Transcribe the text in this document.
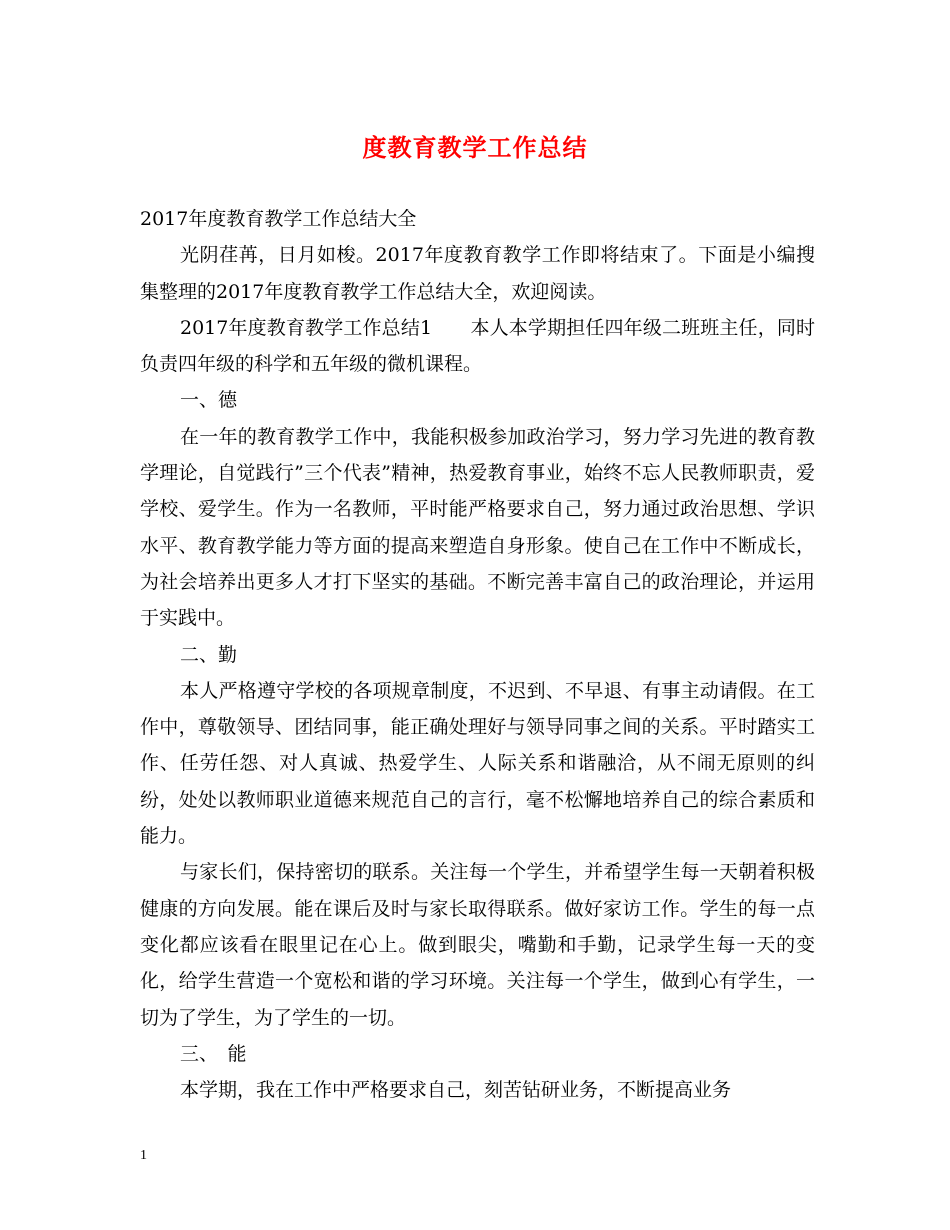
度教育教学工作总结

2017年度教育教学工作总结大全

光阴荏苒，日月如梭。2017年度教育教学工作即将结束了。下面是小编搜集整理的2017年度教育教学工作总结大全，欢迎阅读。

2017年度教育教学工作总结1　　本人本学期担任四年级二班班主任，同时负责四年级的科学和五年级的微机课程。

一、德

在一年的教育教学工作中，我能积极参加政治学习，努力学习先进的教育教学理论，自觉践行”三个代表”精神，热爱教育事业，始终不忘人民教师职责，爱学校、爱学生。作为一名教师，平时能严格要求自己，努力通过政治思想、学识水平、教育教学能力等方面的提高来塑造自身形象。使自己在工作中不断成长，为社会培养出更多人才打下坚实的基础。不断完善丰富自己的政治理论，并运用于实践中。

二、勤

本人严格遵守学校的各项规章制度，不迟到、不早退、有事主动请假。在工作中，尊敬领导、团结同事，能正确处理好与领导同事之间的关系。平时踏实工作、任劳任怨、对人真诚、热爱学生、人际关系和谐融洽，从不闹无原则的纠纷，处处以教师职业道德来规范自己的言行，毫不松懈地培养自己的综合素质和能力。

与家长们，保持密切的联系。关注每一个学生，并希望学生每一天朝着积极健康的方向发展。能在课后及时与家长取得联系。做好家访工作。学生的每一点变化都应该看在眼里记在心上。做到眼尖，嘴勤和手勤，记录学生每一天的变化，给学生营造一个宽松和谐的学习环境。关注每一个学生，做到心有学生，一切为了学生，为了学生的一切。

三、　能

本学期，我在工作中严格要求自己，刻苦钻研业务，不断提高业务

1
